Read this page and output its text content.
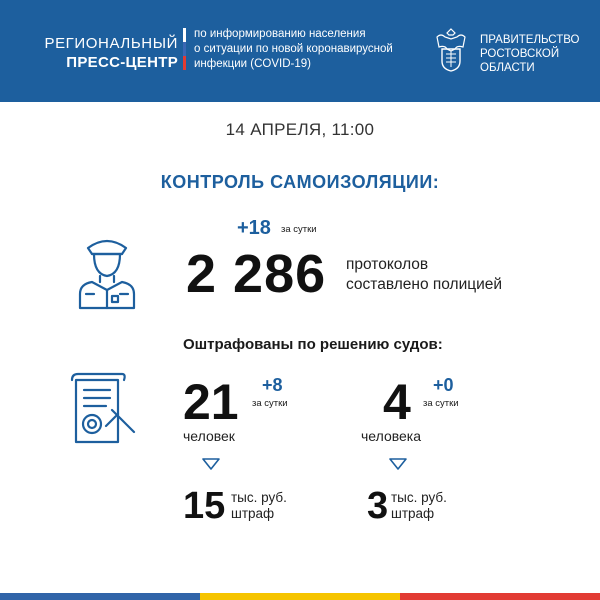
РЕГИОНАЛЬНЫЙ
ПРЕСС-ЦЕНТР
по информированию населения
о ситуации по новой коронавирусной
инфекции (COVID-19)
ПРАВИТЕЛЬСТВО
РОСТОВСКОЙ
ОБЛАСТИ
14 АПРЕЛЯ, 11:00
КОНТРОЛЬ САМОИЗОЛЯЦИИ:
+18 за сутки
2 286 протоколов
составлено полицией
Оштрафованы по решению судов:
21 +8
за сутки
человек
4 +0
за сутки
человека
15 тыс. руб.
штраф	3 тыс. руб.
штраф
